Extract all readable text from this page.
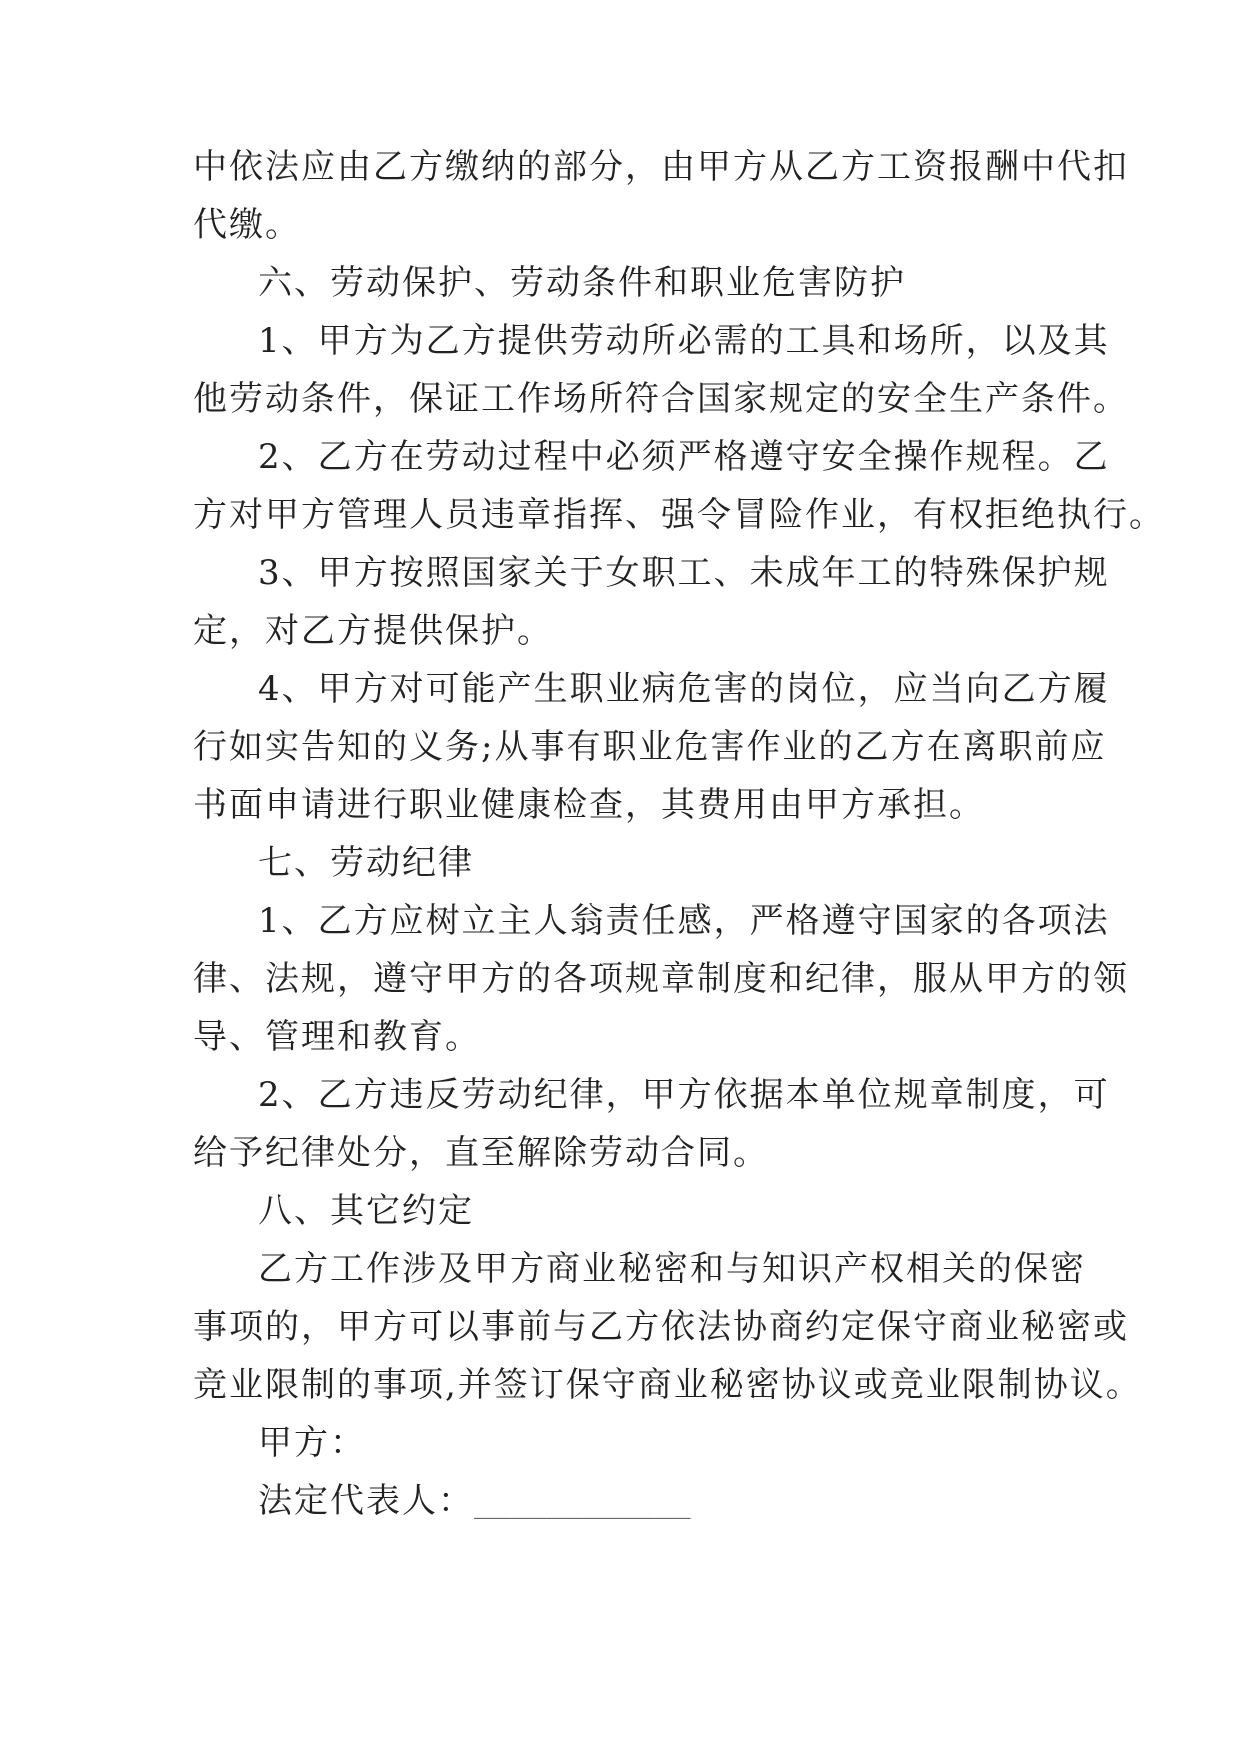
中依法应由乙方缴纳的部分，由甲方从乙方工资报酬中代扣
代缴。
六、劳动保护、劳动条件和职业危害防护
1、甲方为乙方提供劳动所必需的工具和场所，以及其
他劳动条件，保证工作场所符合国家规定的安全生产条件。
2、乙方在劳动过程中必须严格遵守安全操作规程。乙
方对甲方管理人员违章指挥、强令冒险作业，有权拒绝执行。
3、甲方按照国家关于女职工、未成年工的特殊保护规
定，对乙方提供保护。
4、甲方对可能产生职业病危害的岗位，应当向乙方履
行如实告知的义务;从事有职业危害作业的乙方在离职前应
书面申请进行职业健康检查，其费用由甲方承担。
七、劳动纪律
1、乙方应树立主人翁责任感，严格遵守国家的各项法
律、法规，遵守甲方的各项规章制度和纪律，服从甲方的领
导、管理和教育。
2、乙方违反劳动纪律，甲方依据本单位规章制度，可
给予纪律处分，直至解除劳动合同。
八、其它约定
乙方工作涉及甲方商业秘密和与知识产权相关的保密
事项的，甲方可以事前与乙方依法协商约定保守商业秘密或
竞业限制的事项,并签订保守商业秘密协议或竞业限制协议。
甲方：
法定代表人：____________
